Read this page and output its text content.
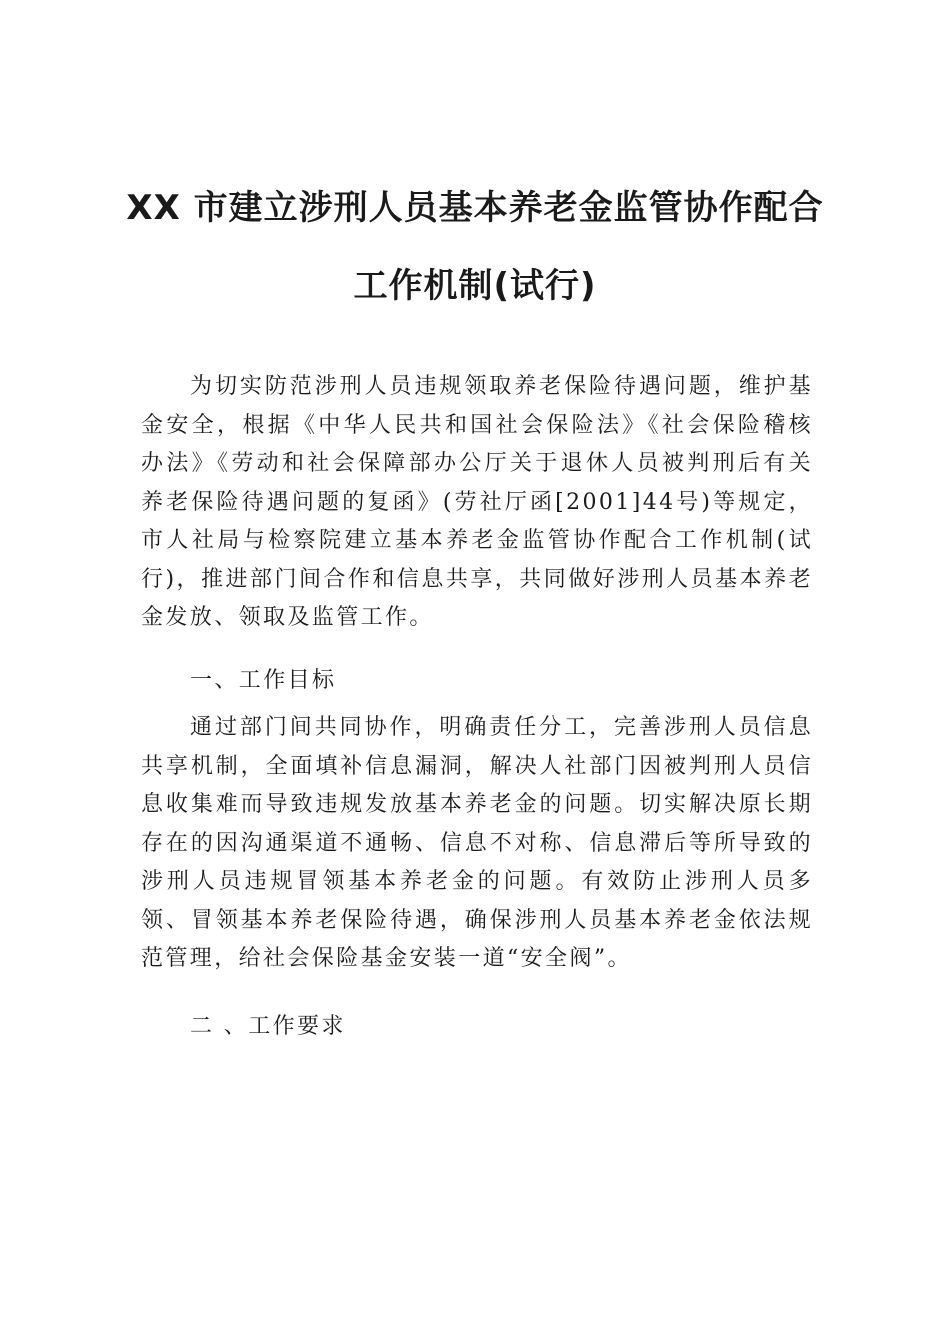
XX 市建立涉刑人员基本养老金监管协作配合
工作机制(试行)

为切实防范涉刑人员违规领取养老保险待遇问题，维护基金安全，根据《中华人民共和国社会保险法》《社会保险稽核办法》《劳动和社会保障部办公厅关于退休人员被判刑后有关养老保险待遇问题的复函》(劳社厅函[2001]44号)等规定，市人社局与检察院建立基本养老金监管协作配合工作机制(试行)，推进部门间合作和信息共享，共同做好涉刑人员基本养老金发放、领取及监管工作。

一、工作目标

通过部门间共同协作，明确责任分工，完善涉刑人员信息共享机制，全面填补信息漏洞，解决人社部门因被判刑人员信息收集难而导致违规发放基本养老金的问题。切实解决原长期存在的因沟通渠道不通畅、信息不对称、信息滞后等所导致的涉刑人员违规冒领基本养老金的问题。有效防止涉刑人员多领、冒领基本养老保险待遇，确保涉刑人员基本养老金依法规范管理，给社会保险基金安装一道“安全阀”。

二 、工作要求
